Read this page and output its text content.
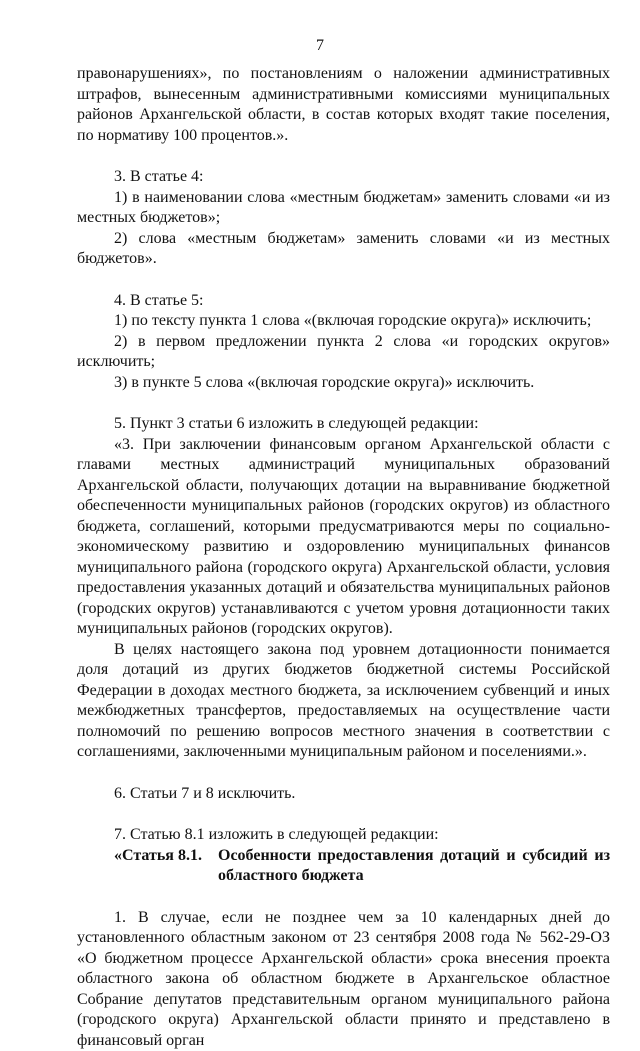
7

правонарушениях», по постановлениям о наложении административных штрафов, вынесенным административными комиссиями муниципальных районов Архангельской области, в состав которых входят такие поселения, по нормативу 100 процентов.».

3. В статье 4:

1) в наименовании слова «местным бюджетам» заменить словами «и из местных бюджетов»;

2) слова «местным бюджетам» заменить словами «и из местных бюджетов».

4. В статье 5:

1) по тексту пункта 1 слова «(включая городские округа)» исключить;

2) в первом предложении пункта 2 слова «и городских округов» исключить;

3) в пункте 5 слова «(включая городские округа)» исключить.

5. Пункт 3 статьи 6 изложить в следующей редакции:

«3. При заключении финансовым органом Архангельской области с главами местных администраций муниципальных образований Архангельской области, получающих дотации на выравнивание бюджетной обеспеченности муниципальных районов (городских округов) из областного бюджета, соглашений, которыми предусматриваются меры по социально-экономическому развитию и оздоровлению муниципальных финансов муниципального района (городского округа) Архангельской области, условия предоставления указанных дотаций и обязательства муниципальных районов (городских округов) устанавливаются с учетом уровня дотационности таких муниципальных районов (городских округов).

В целях настоящего закона под уровнем дотационности понимается доля дотаций из других бюджетов бюджетной системы Российской Федерации в доходах местного бюджета, за исключением субвенций и иных межбюджетных трансфертов, предоставляемых на осуществление части полномочий по решению вопросов местного значения в соответствии с соглашениями, заключенными муниципальным районом и поселениями.».

6. Статьи 7 и 8 исключить.

7. Статью 8.1 изложить в следующей редакции:

«Статья 8.1.	Особенности предоставления дотаций и субсидий из областного бюджета

1. В случае, если не позднее чем за 10 календарных дней до установленного областным законом от 23 сентября 2008 года № 562-29-ОЗ «О бюджетном процессе Архангельской области» срока внесения проекта областного закона об областном бюджете в Архангельское областное Собрание депутатов представительным органом муниципального района (городского округа) Архангельской области принято и представлено в финансовый орган
